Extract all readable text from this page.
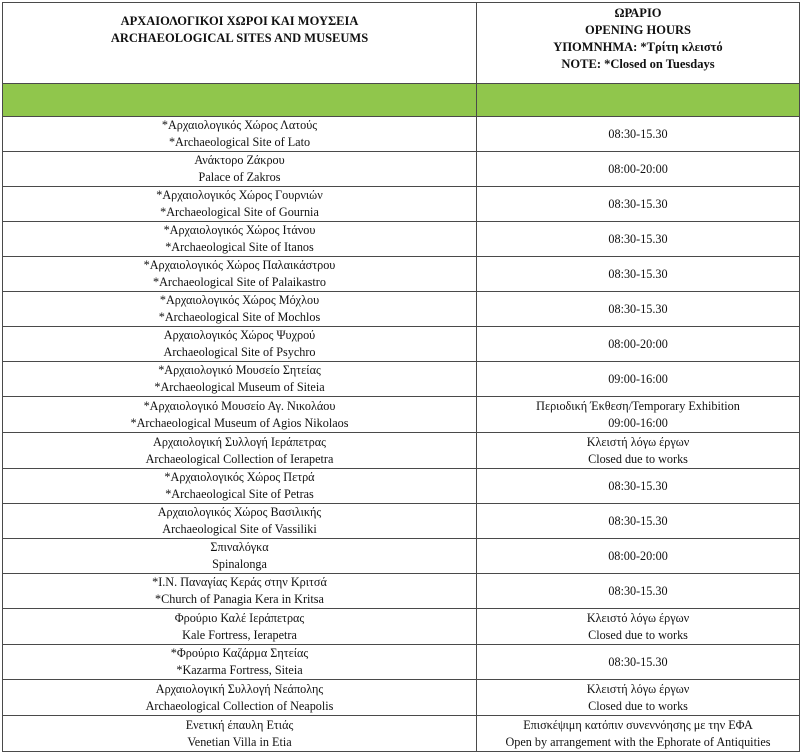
ΑΡΧΑΙΟΛΟΓΙΚΟΙ ΧΩΡΟΙ ΚΑΙ ΜΟΥΣΕΙΑ
ARCHAEOLOGICAL SITES AND MUSEUMS	ΩΡΑΡΙΟ
OPENING HOURS
ΥΠΟΜΝΗΜΑ: *Τρίτη κλειστό
NOTE: *Closed on Tuesdays

*Αρχαιολογικός Χώρος Λατούς
*Archaeological Site of Lato	08:30-15.30

Ανάκτορο Ζάκρου
Palace of Zakros	08:00-20:00

*Αρχαιολογικός Χώρος Γουρνιών
*Archaeological Site of Gournia	08:30-15.30

*Αρχαιολογικός Χώρος Ιτάνου
*Archaeological Site of Itanos	08:30-15.30

*Αρχαιολογικός Χώρος Παλαικάστρου
*Archaeological Site of Palaikastro	08:30-15.30

*Αρχαιολογικός Χώρος Μόχλου
*Archaeological Site of Mochlos	08:30-15.30

Αρχαιολογικός Χώρος Ψυχρού
Archaeological Site of Psychro	08:00-20:00

*Αρχαιολογικό Μουσείο Σητείας
*Archaeological Museum of Siteia	09:00-16:00

*Αρχαιολογικό Μουσείο Αγ. Νικολάου
*Archaeological Museum of Agios Nikolaos	Περιοδική Έκθεση/Temporary Exhibition
09:00-16:00

Αρχαιολογική Συλλογή Ιεράπετρας
Archaeological Collection of Ierapetra	Κλειστή λόγω έργων
Closed due to works

*Αρχαιολογικός Χώρος Πετρά
*Archaeological Site of Petras	08:30-15.30

Αρχαιολογικός Χώρος Βασιλικής
Archaeological Site of Vassiliki	08:30-15.30

Σπιναλόγκα
Spinalonga	08:00-20:00

*Ι.Ν. Παναγίας Κεράς στην Κριτσά
*Church of Panagia Kera in Kritsa	08:30-15.30

Φρούριο Καλέ Ιεράπετρας
Kale Fortress, Ierapetra	Κλειστό λόγω έργων
Closed due to works

*Φρούριο Καζάρμα Σητείας
*Kazarma Fortress, Siteia	08:30-15.30

Αρχαιολογική Συλλογή Νεάπολης
Archaeological Collection of Neapolis	Κλειστή λόγω έργων
Closed due to works

Ενετική έπαυλη Ετιάς
Venetian Villa in Etia	Επισκέψιμη κατόπιν συνεννόησης με την ΕΦΑ
Open by arrangement with the Ephorate of Antiquities
